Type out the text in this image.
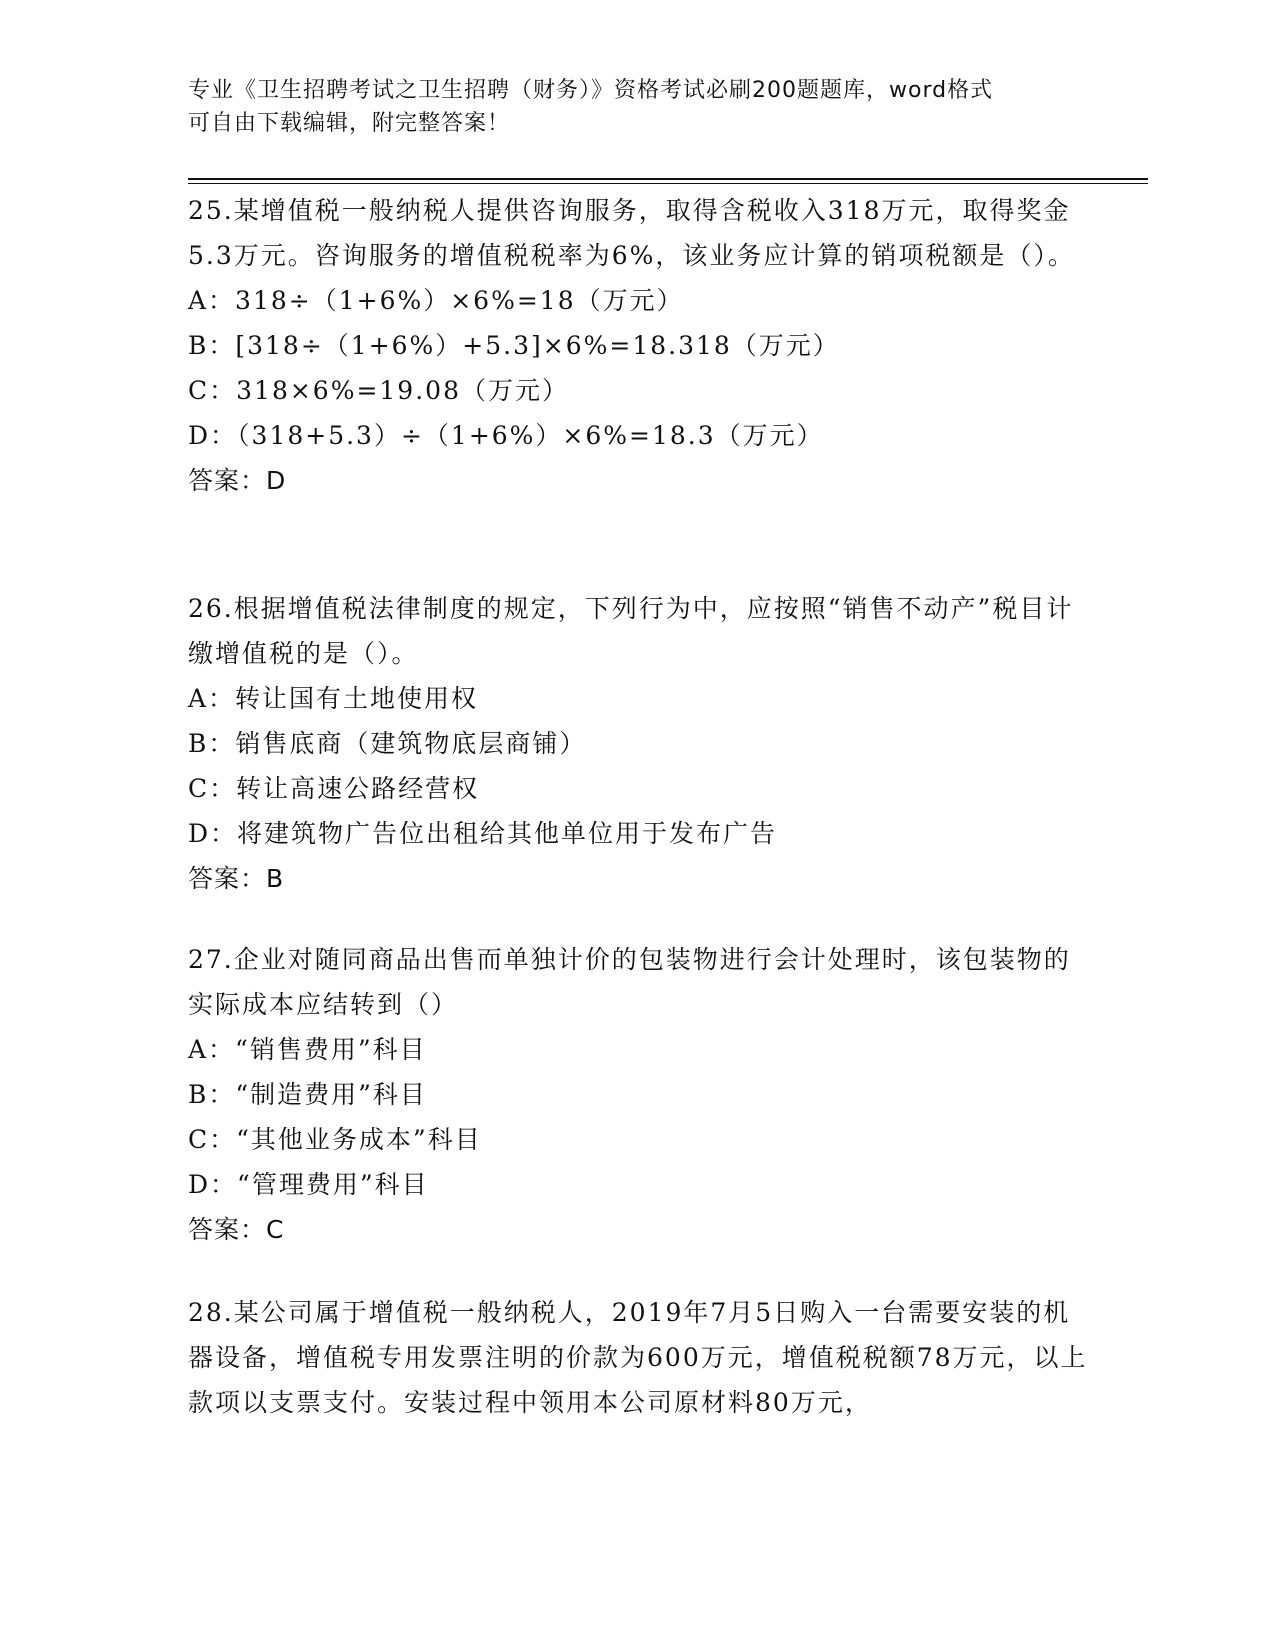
专业《卫生招聘考试之卫生招聘（财务）》资格考试必刷200题题库，word格式
可自由下载编辑，附完整答案！
25.某增值税一般纳税人提供咨询服务，取得含税收入318万元，取得奖金5.3万元。咨询服务的增值税税率为6%，该业务应计算的销项税额是（）。
A：318÷（1+6%）×6%=18（万元）
B：[318÷（1+6%）+5.3]×6%=18.318（万元）
C：318×6%=19.08（万元）
D：（318+5.3）÷（1+6%）×6%=18.3（万元）
答案：D
26.根据增值税法律制度的规定，下列行为中，应按照“销售不动产”税目计缴增值税的是（）。
A：转让国有土地使用权
B：销售底商（建筑物底层商铺）
C：转让高速公路经营权
D：将建筑物广告位出租给其他单位用于发布广告
答案：B
27.企业对随同商品出售而单独计价的包装物进行会计处理时，该包装物的实际成本应结转到（）
A：“销售费用”科目
B：“制造费用”科目
C：“其他业务成本”科目
D：“管理费用”科目
答案：C
28.某公司属于增值税一般纳税人，2019年7月5日购入一台需要安装的机器设备，增值税专用发票注明的价款为600万元，增值税税额78万元，以上款项以支票支付。安装过程中领用本公司原材料80万元，
